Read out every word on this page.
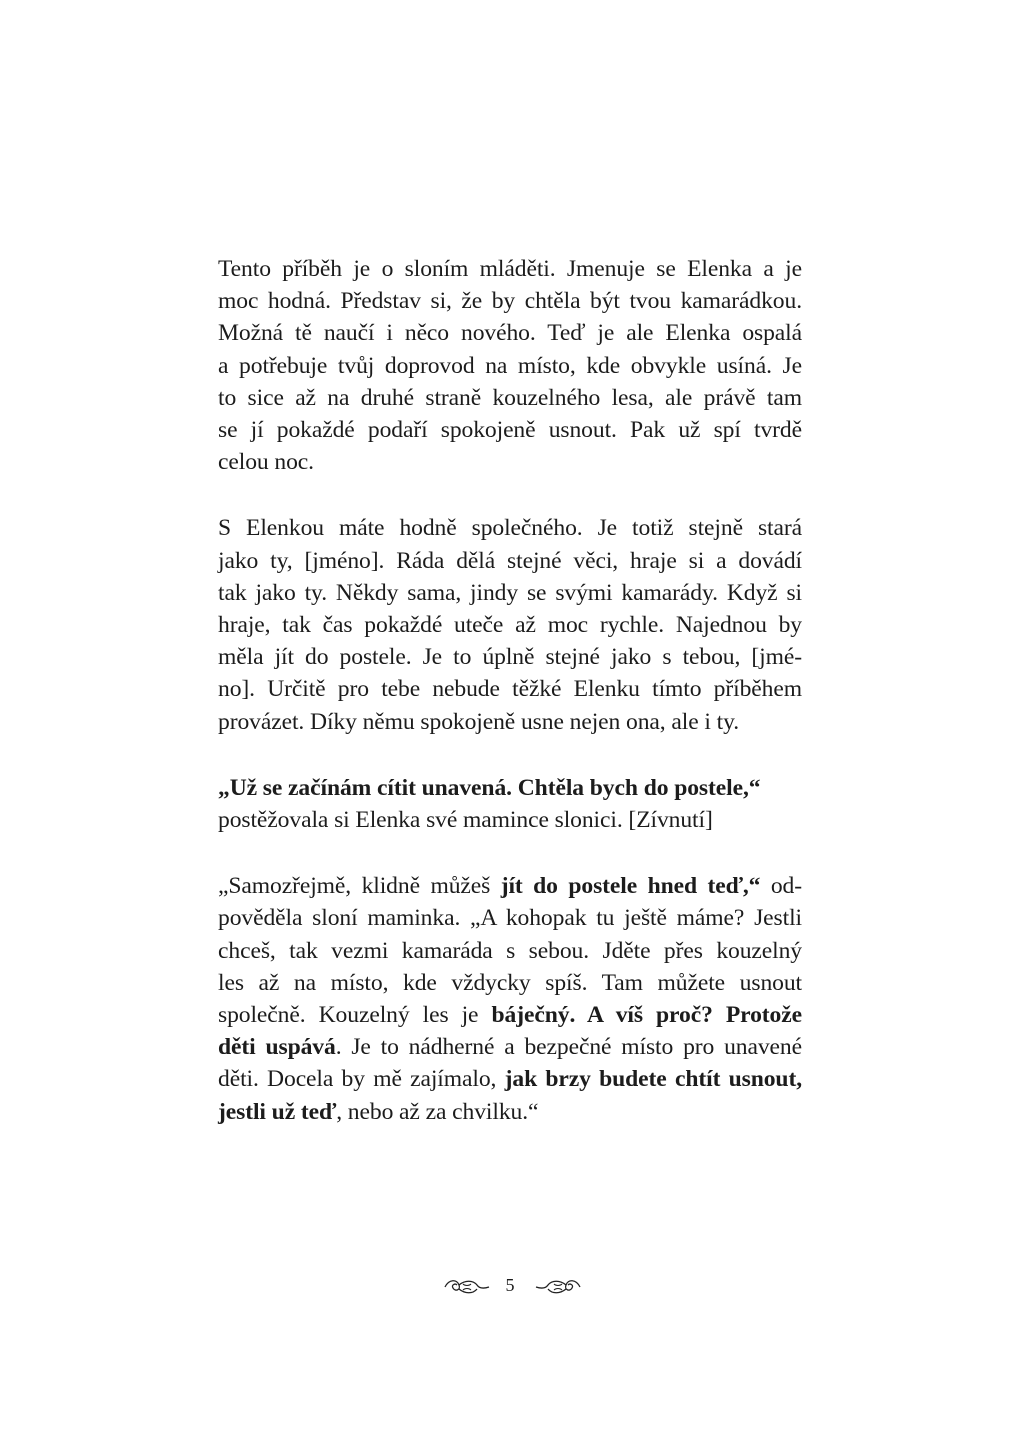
Tento příběh je o sloním mláděti. Jmenuje se Elenka a je
moc hodná. Představ si, že by chtěla být tvou kamarádkou.
Možná tě naučí i něco nového. Teď je ale Elenka ospalá
a potřebuje tvůj doprovod na místo, kde obvykle usíná. Je
to sice až na druhé straně kouzelného lesa, ale právě tam
se jí pokaždé podaří spokojeně usnout. Pak už spí tvrdě
celou noc.

S Elenkou máte hodně společného. Je totiž stejně stará
jako ty, [jméno]. Ráda dělá stejné věci, hraje si a dovádí
tak jako ty. Někdy sama, jindy se svými kamarády. Když si
hraje, tak čas pokaždé uteče až moc rychle. Najednou by
měla jít do postele. Je to úplně stejné jako s tebou, [jmé-
no]. Určitě pro tebe nebude těžké Elenku tímto příběhem
provázet. Díky němu spokojeně usne nejen ona, ale i ty.

„Už se začínám cítit unavená. Chtěla bych do postele,“
postěžovala si Elenka své mamince slonici. [Zívnutí]

„Samozřejmě, klidně můžeš jít do postele hned teď,“ od-
pověděla sloní maminka. „A kohopak tu ještě máme? Jestli
chceš, tak vezmi kamaráda s sebou. Jděte přes kouzelný
les až na místo, kde vždycky spíš. Tam můžete usnout
společně. Kouzelný les je báječný. A víš proč? Protože
děti uspává. Je to nádherné a bezpečné místo pro unavené
děti. Docela by mě zajímalo, jak brzy budete chtít usnout,
jestli už teď, nebo až za chvilku.“

5
